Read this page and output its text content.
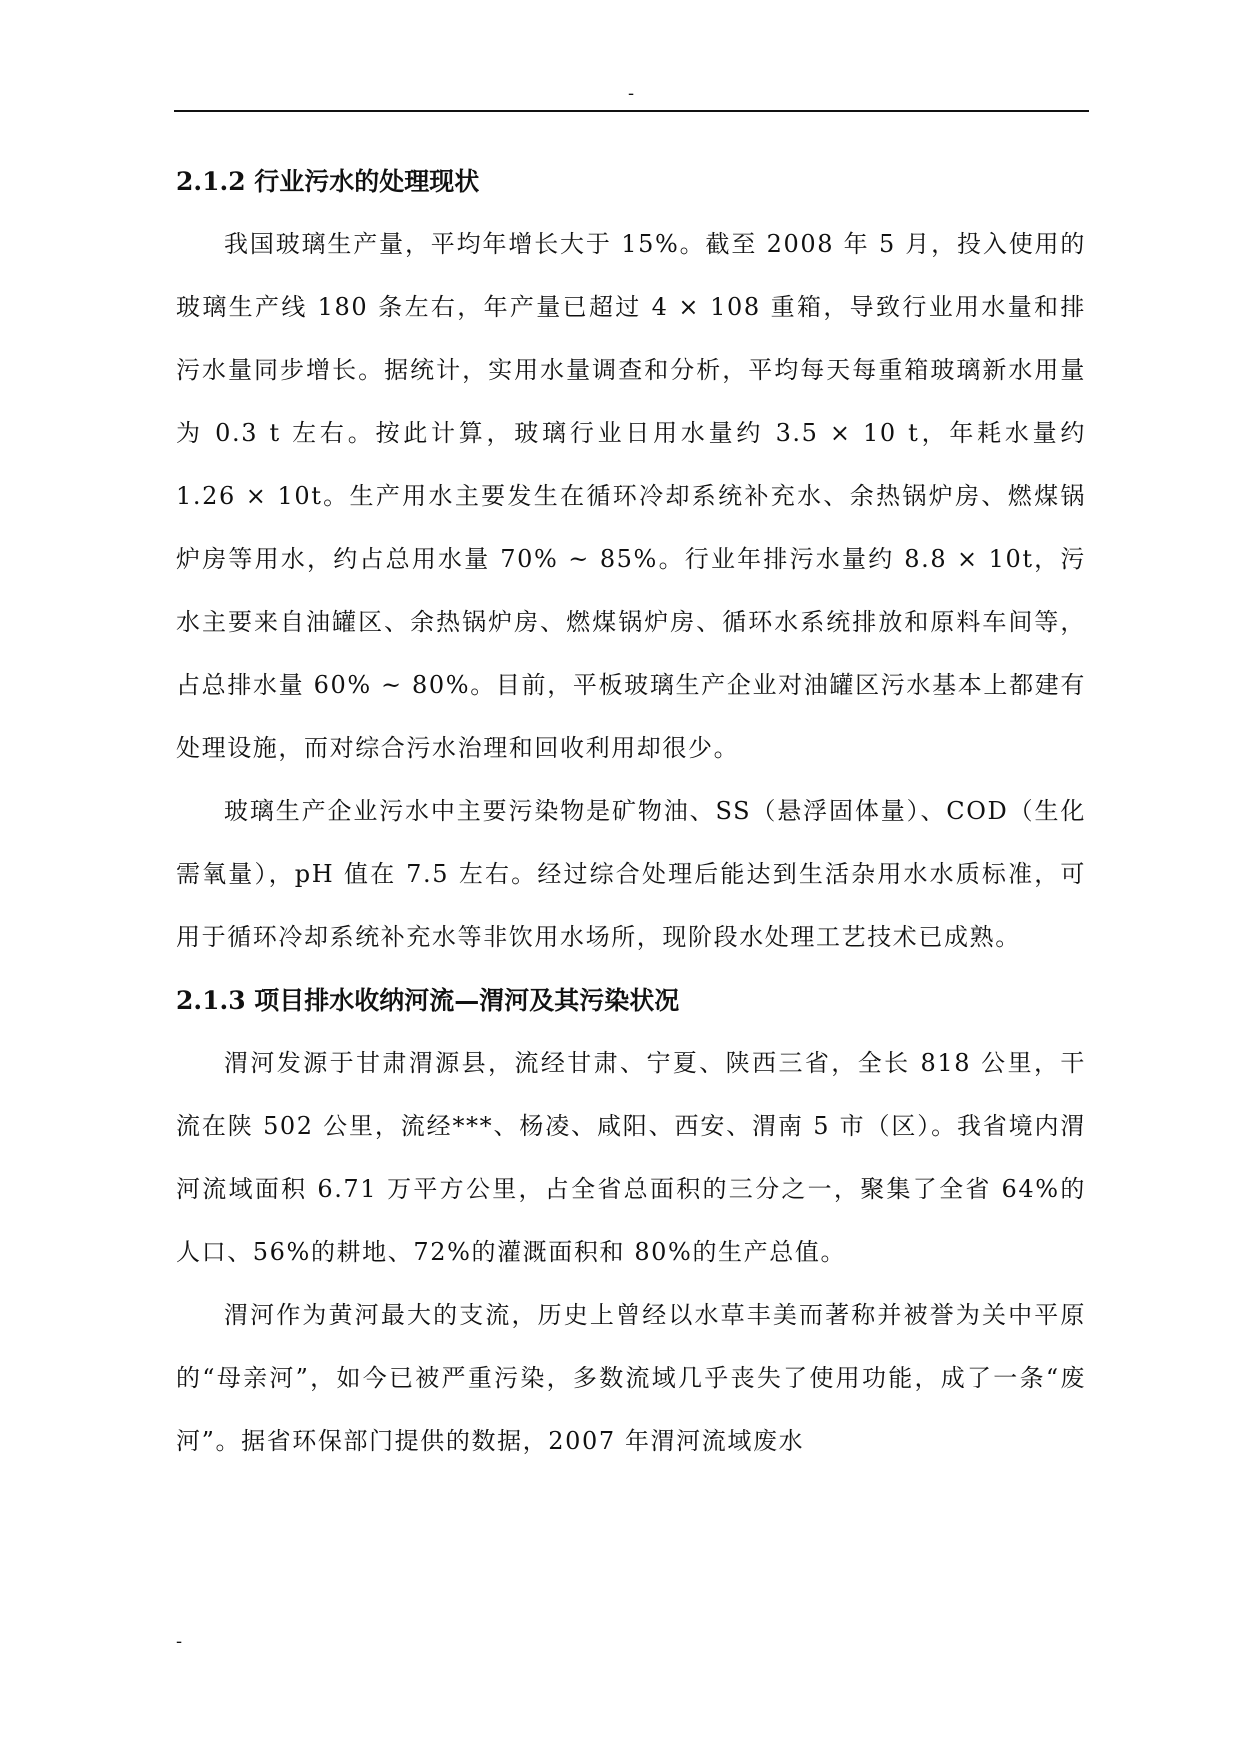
-
2.1.2 行业污水的处理现状

我国玻璃生产量，平均年增长大于 15%。截至 2008 年 5 月，投入使用的玻璃生产线 180 条左右，年产量已超过 4 × 108 重箱，导致行业用水量和排污水量同步增长。据统计，实用水量调查和分析，平均每天每重箱玻璃新水用量为 0.3 t 左右。按此计算，玻璃行业日用水量约 3.5 × 10 t，年耗水量约 1.26 × 10t。生产用水主要发生在循环冷却系统补充水、余热锅炉房、燃煤锅炉房等用水，约占总用水量 70% ~ 85%。行业年排污水量约 8.8 × 10t，污水主要来自油罐区、余热锅炉房、燃煤锅炉房、循环水系统排放和原料车间等， 占总排水量 60% ~ 80%。目前，平板玻璃生产企业对油罐区污水基本上都建有处理设施，而对综合污水治理和回收利用却很少。

玻璃生产企业污水中主要污染物是矿物油、SS（悬浮固体量）、COD（生化需氧量），pH 值在 7.5 左右。经过综合处理后能达到生活杂用水水质标准，可用于循环冷却系统补充水等非饮用水场所，现阶段水处理工艺技术已成熟。

2.1.3 项目排水收纳河流—渭河及其污染状况

渭河发源于甘肃渭源县，流经甘肃、宁夏、陕西三省，全长 818 公里，干流在陕 502 公里，流经***、杨凌、咸阳、西安、渭南 5 市（区）。我省境内渭河流域面积 6.71 万平方公里，占全省总面积的三分之一，聚集了全省 64%的人口、56%的耕地、72%的灌溉面积和 80%的生产总值。

渭河作为黄河最大的支流，历史上曾经以水草丰美而著称并被誉为关中平原的“母亲河”，如今已被严重污染，多数流域几乎丧失了使用功能，成了一条“废河”。据省环保部门提供的数据，2007 年渭河流域废水

-
